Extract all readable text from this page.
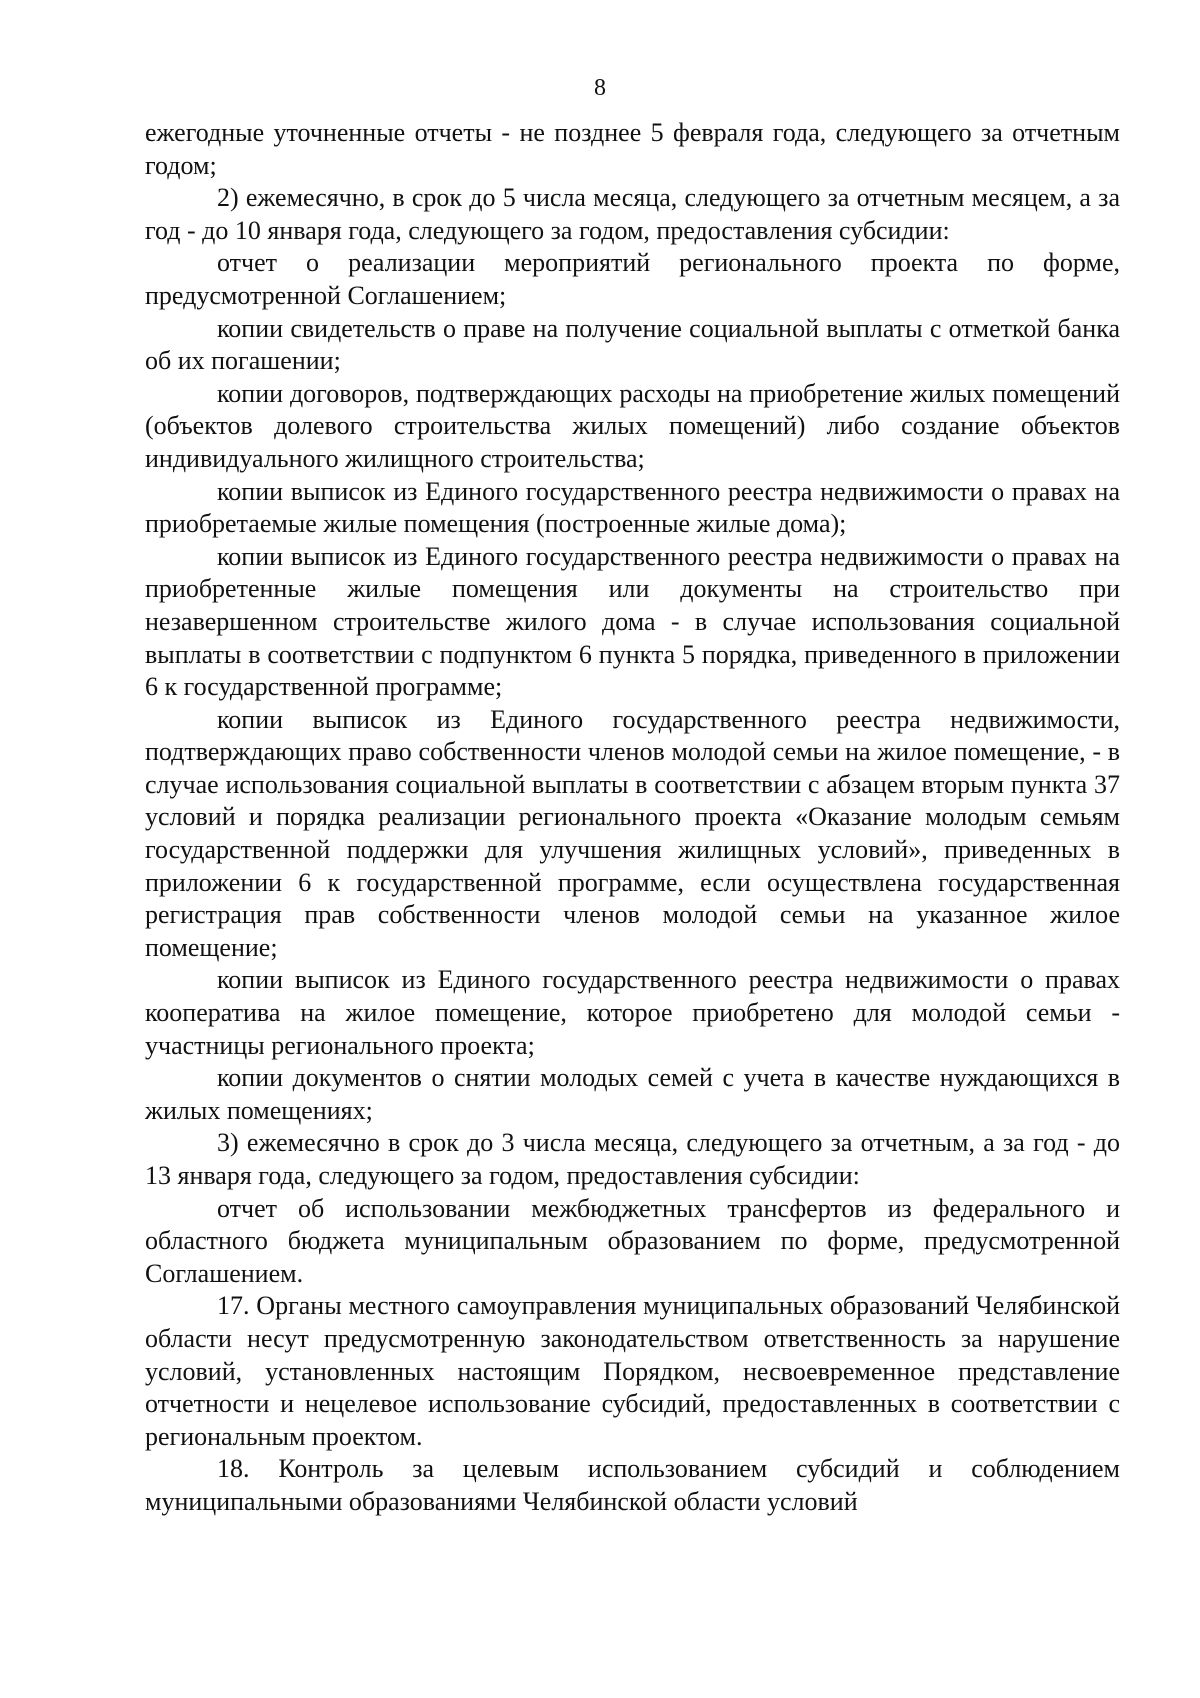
8

ежегодные уточненные отчеты - не позднее 5 февраля года, следующего за отчетным годом;

2) ежемесячно, в срок до 5 числа месяца, следующего за отчетным месяцем, а за год - до 10 января года, следующего за годом, предоставления субсидии:

отчет о реализации мероприятий регионального проекта по форме, предусмотренной Соглашением;

копии свидетельств о праве на получение социальной выплаты с отметкой банка об их погашении;

копии договоров, подтверждающих расходы на приобретение жилых помещений (объектов долевого строительства жилых помещений) либо создание объектов индивидуального жилищного строительства;

копии выписок из Единого государственного реестра недвижимости о правах на приобретаемые жилые помещения (построенные жилые дома);

копии выписок из Единого государственного реестра недвижимости о правах на приобретенные жилые помещения или документы на строительство при незавершенном строительстве жилого дома - в случае использования социальной выплаты в соответствии с подпунктом 6 пункта 5 порядка, приведенного в приложении 6 к государственной программе;

копии выписок из Единого государственного реестра недвижимости, подтверждающих право собственности членов молодой семьи на жилое помещение, - в случае использования социальной выплаты в соответствии с абзацем вторым пункта 37 условий и порядка реализации регионального проекта «Оказание молодым семьям государственной поддержки для улучшения жилищных условий», приведенных в приложении 6 к государственной программе, если осуществлена государственная регистрация прав собственности членов молодой семьи на указанное жилое помещение;

копии выписок из Единого государственного реестра недвижимости о правах кооператива на жилое помещение, которое приобретено для молодой семьи - участницы регионального проекта;

копии документов о снятии молодых семей с учета в качестве нуждающихся в жилых помещениях;

3) ежемесячно в срок до 3 числа месяца, следующего за отчетным, а за год - до 13 января года, следующего за годом, предоставления субсидии:

отчет об использовании межбюджетных трансфертов из федерального и областного бюджета муниципальным образованием по форме, предусмотренной Соглашением.

17. Органы местного самоуправления муниципальных образований Челябинской области несут предусмотренную законодательством ответственность за нарушение условий, установленных настоящим Порядком, несвоевременное представление отчетности и нецелевое использование субсидий, предоставленных в соответствии с региональным проектом.

18. Контроль за целевым использованием субсидий и соблюдением муниципальными образованиями Челябинской области условий
